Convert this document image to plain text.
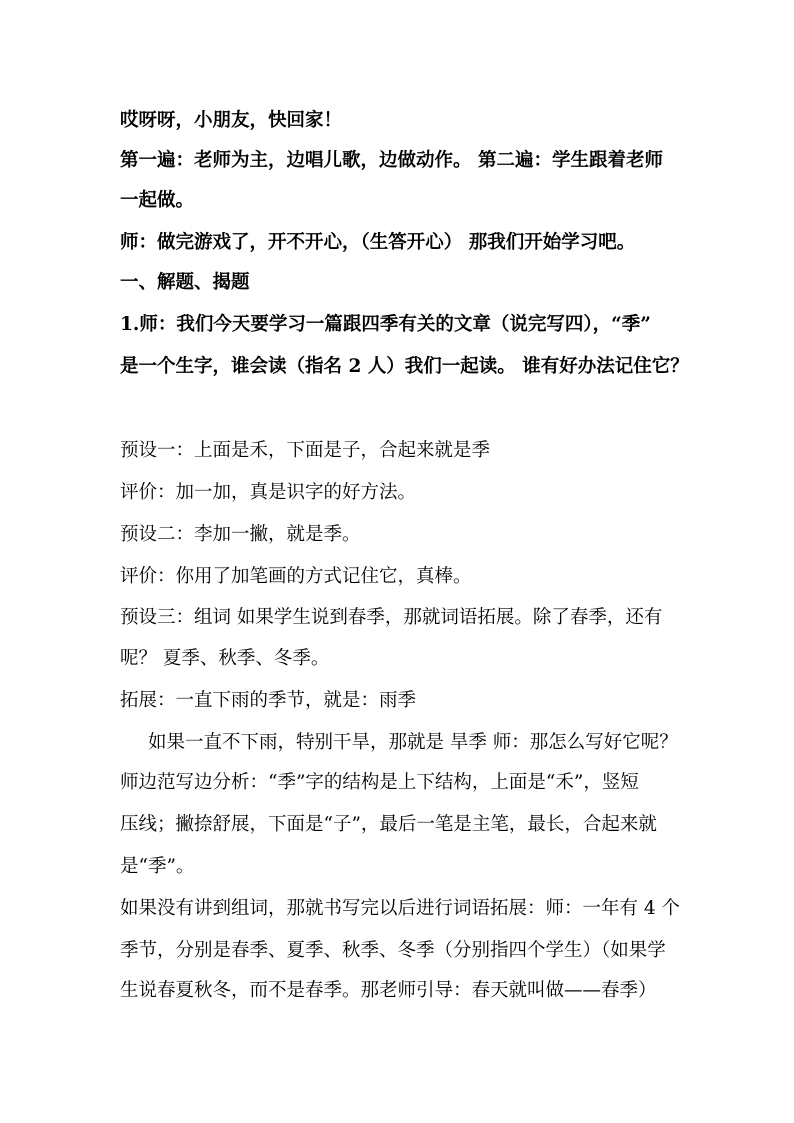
哎呀呀，小朋友，快回家！
第一遍：老师为主，边唱儿歌，边做动作。 第二遍：学生跟着老师
一起做。
师：做完游戏了，开不开心，（生答开心） 那我们开始学习吧。
一、解题、揭题
1.师：我们今天要学习一篇跟四季有关的文章（说完写四），“季”
是一个生字，谁会读（指名 2 人）我们一起读。 谁有好办法记住它？
预设一：上面是禾，下面是子，合起来就是季
评价：加一加，真是识字的好方法。
预设二：李加一撇，就是季。
评价：你用了加笔画的方式记住它，真棒。
预设三：组词 如果学生说到春季，那就词语拓展。除了春季，还有
呢？ 夏季、秋季、冬季。
拓展：一直下雨的季节，就是：雨季
如果一直不下雨，特别干旱，那就是 旱季 师：那怎么写好它呢？
师边范写边分析：“季”字的结构是上下结构，上面是“禾”，竖短
压线；撇捺舒展，下面是“子”，最后一笔是主笔，最长，合起来就
是“季”。
如果没有讲到组词，那就书写完以后进行词语拓展：师：一年有 4 个
季节，分别是春季、夏季、秋季、冬季（分别指四个学生）（如果学
生说春夏秋冬，而不是春季。那老师引导：春天就叫做——春季）
